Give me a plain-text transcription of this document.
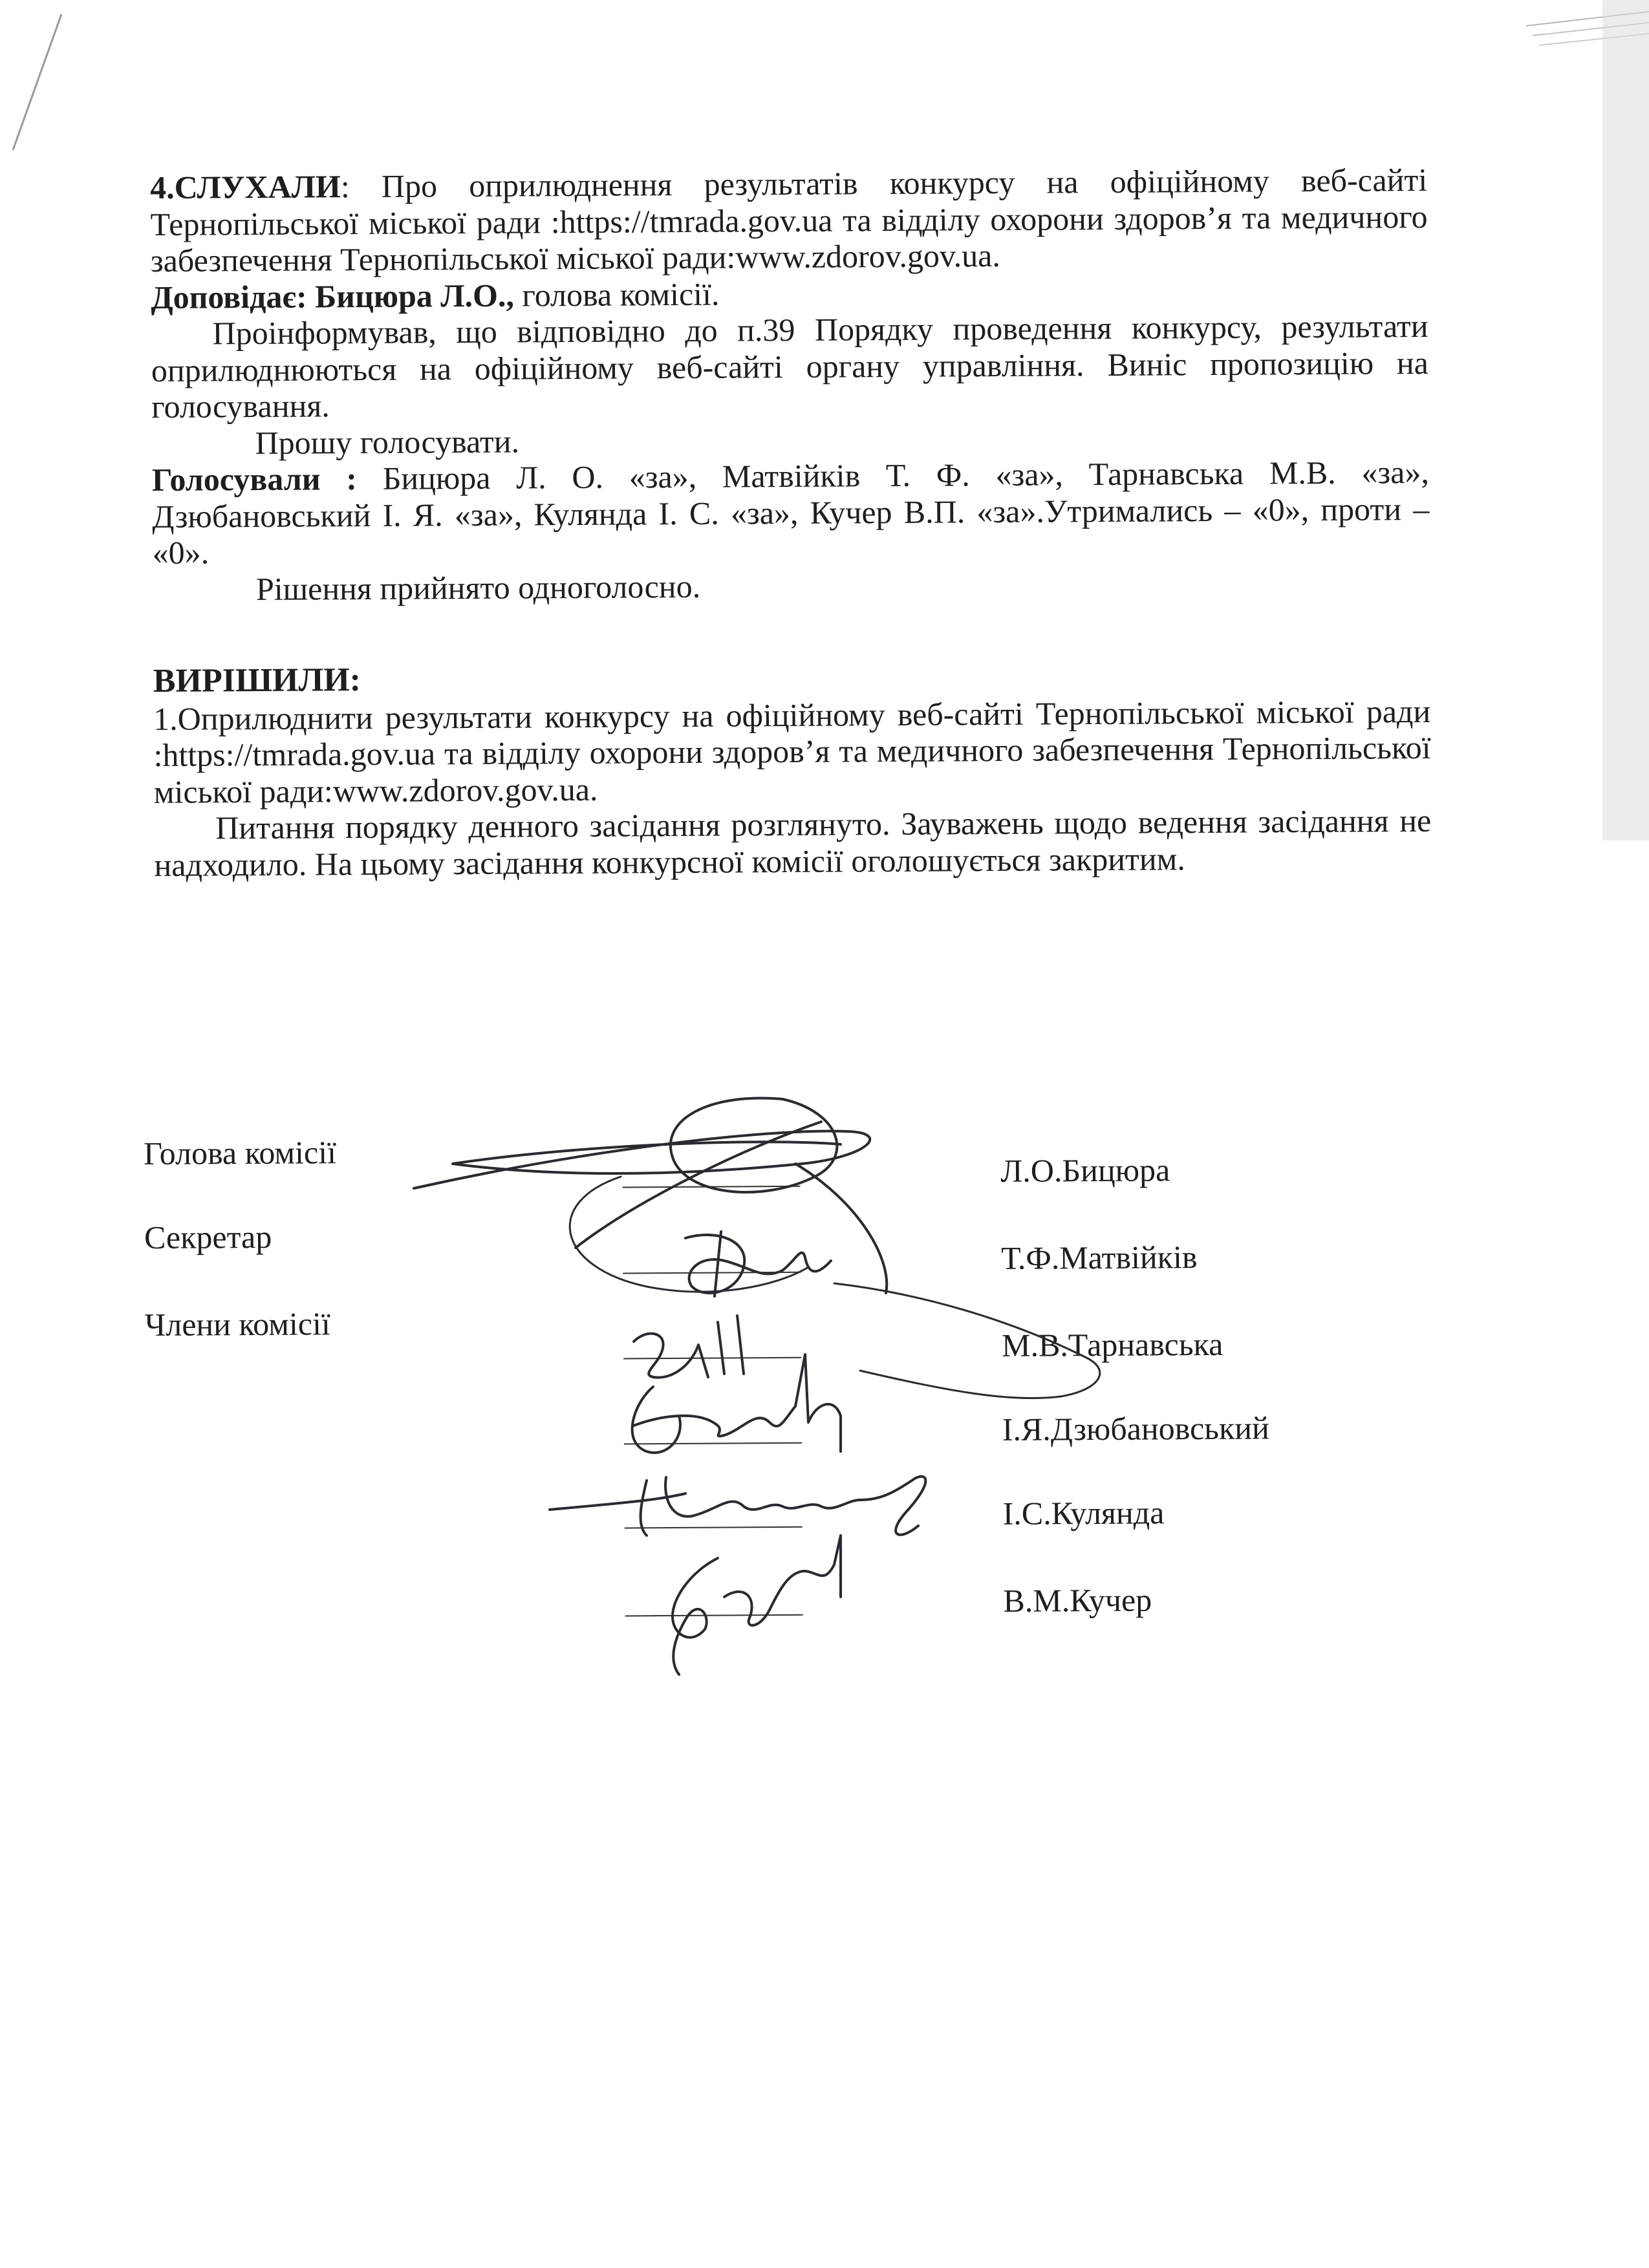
4.СЛУХАЛИ: Про оприлюднення результатів конкурсу на офіційному веб-сайті Тернопільської міської ради :https://tmrada.gov.ua та відділу охорони здоров’я та медичного забезпечення Тернопільської міської ради:www.zdorov.gov.ua.

Доповідає: Бицюра Л.О., голова комісії.

Проінформував, що відповідно до п.39 Порядку проведення конкурсу, результати оприлюднюються на офіційному веб-сайті органу управління. Виніс пропозицію на голосування.

Прошу голосувати.

Голосували : Бицюра Л. О. «за», Матвійків Т. Ф. «за», Тарнавська М.В. «за», Дзюбановський І. Я. «за», Кулянда І. С. «за», Кучер В.П. «за».Утримались – «0», проти – «0».

Рішення прийнято одноголосно.

ВИРІШИЛИ:

1.Оприлюднити результати конкурсу на офіційному веб-сайті Тернопільської міської ради :https://tmrada.gov.ua та відділу охорони здоров’я та медичного забезпечення Тернопільської міської ради:www.zdorov.gov.ua.

Питання порядку денного засідання розглянуто. Зауважень щодо ведення засідання не надходило. На цьому засідання конкурсної комісії оголошується закритим.

Голова комісії
Секретар
Члени комісії
Л.О.Бицюра
Т.Ф.Матвійків
М.В.Тарнавська
І.Я.Дзюбановський
І.С.Кулянда
В.М.Кучер
